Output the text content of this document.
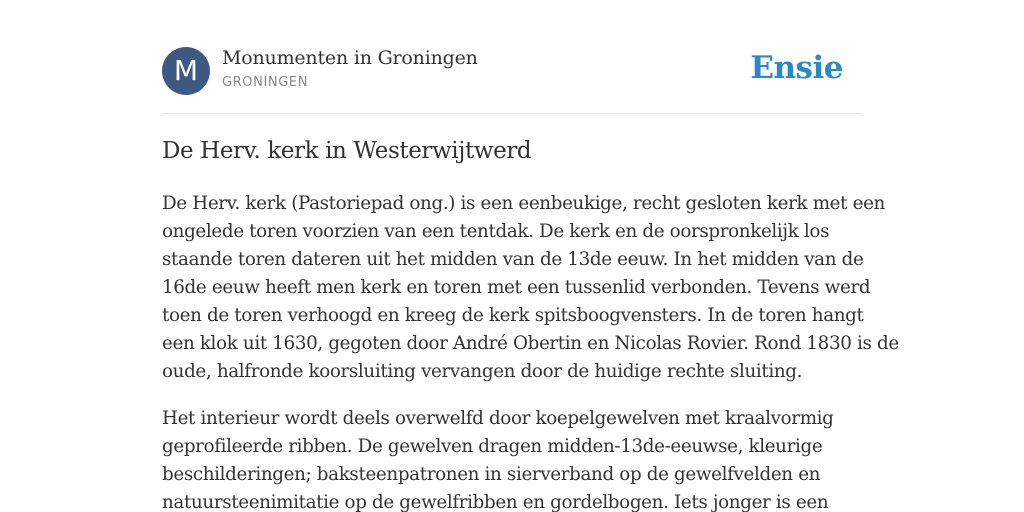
M	Monumenten in Groningen
GRONINGEN	Ensie
De Herv. kerk in Westerwijtwerd

De Herv. kerk (Pastoriepad ong.) is een eenbeukige, recht gesloten kerk met een
ongelede toren voorzien van een tentdak. De kerk en de oorspronkelijk los
staande toren dateren uit het midden van de 13de eeuw. In het midden van de
16de eeuw heeft men kerk en toren met een tussenlid verbonden. Tevens werd
toen de toren verhoogd en kreeg de kerk spitsboogvensters. In de toren hangt
een klok uit 1630, gegoten door André Obertin en Nicolas Rovier. Rond 1830 is de
oude, halfronde koorsluiting vervangen door de huidige rechte sluiting.

Het interieur wordt deels overwelfd door koepelgewelven met kraalvormig
geprofileerde ribben. De gewelven dragen midden-13de-eeuwse, kleurige
beschilderingen; baksteenpatronen in sierverband op de gewelfvelden en
natuursteenimitatie op de gewelfribben en gordelbogen. Iets jonger is een
